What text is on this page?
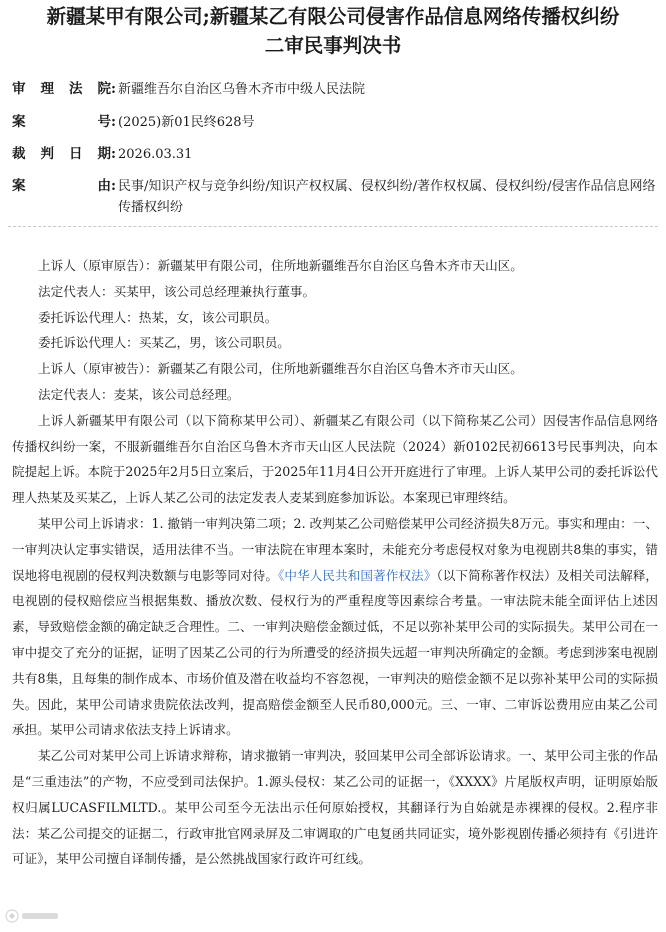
新疆某甲有限公司;新疆某乙有限公司侵害作品信息网络传播权纠纷
二审民事判决书
审 理 法 院: 新疆维吾尔自治区乌鲁木齐市中级人民法院
案	号: (2025)新01民终628号
裁 判 日 期: 2026.03.31
案	由: 民事/知识产权与竞争纠纷/知识产权权属、侵权纠纷/著作权权属、侵权纠纷/侵害作品信息网络传播权纠纷

上诉人（原审原告）：新疆某甲有限公司，住所地新疆维吾尔自治区乌鲁木齐市天山区。

法定代表人：买某甲，该公司总经理兼执行董事。

委托诉讼代理人：热某，女，该公司职员。

委托诉讼代理人：买某乙，男，该公司职员。

上诉人（原审被告）：新疆某乙有限公司，住所地新疆维吾尔自治区乌鲁木齐市天山区。

法定代表人：麦某，该公司总经理。

上诉人新疆某甲有限公司（以下简称某甲公司）、新疆某乙有限公司（以下简称某乙公司）因侵害作品信息网络传播权纠纷一案，不服新疆维吾尔自治区乌鲁木齐市天山区人民法院（2024）新0102民初6613号民事判决，向本院提起上诉。本院于2025年2月5日立案后，于2025年11月4日公开开庭进行了审理。上诉人某甲公司的委托诉讼代理人热某及买某乙，上诉人某乙公司的法定发表人麦某到庭参加诉讼。本案现已审理终结。

某甲公司上诉请求：1. 撤销一审判决第二项；2. 改判某乙公司赔偿某甲公司经济损失8万元。事实和理由：一、一审判决认定事实错误，适用法律不当。一审法院在审理本案时，未能充分考虑侵权对象为电视剧共8集的事实，错误地将电视剧的侵权判决数额与电影等同对待。《中华人民共和国著作权法》（以下简称著作权法）及相关司法解释，电视剧的侵权赔偿应当根据集数、播放次数、侵权行为的严重程度等因素综合考量。一审法院未能全面评估上述因素，导致赔偿金额的确定缺乏合理性。二、一审判决赔偿金额过低，不足以弥补某甲公司的实际损失。某甲公司在一审中提交了充分的证据，证明了因某乙公司的行为所遭受的经济损失远超一审判决所确定的金额。考虑到涉案电视剧共有8集，且每集的制作成本、市场价值及潜在收益均不容忽视，一审判决的赔偿金额不足以弥补某甲公司的实际损失。因此，某甲公司请求贵院依法改判，提高赔偿金额至人民币80,000元。三、一审、二审诉讼费用应由某乙公司承担。某甲公司请求依法支持上诉请求。

某乙公司对某甲公司上诉请求辩称，请求撤销一审判决，驳回某甲公司全部诉讼请求。一、某甲公司主张的作品是“三重违法”的产物，不应受到司法保护。1.源头侵权：某乙公司的证据一，《XXXX》片尾版权声明，证明原始版权归属LUCASFILMLTD.。某甲公司至今无法出示任何原始授权，其翻译行为自始就是赤裸裸的侵权。2.程序非法：某乙公司提交的证据二，行政审批官网录屏及二审调取的广电复函共同证实，境外影视剧传播必须持有《引进许可证》，某甲公司擅自译制传播，是公然挑战国家行政许可红线。
